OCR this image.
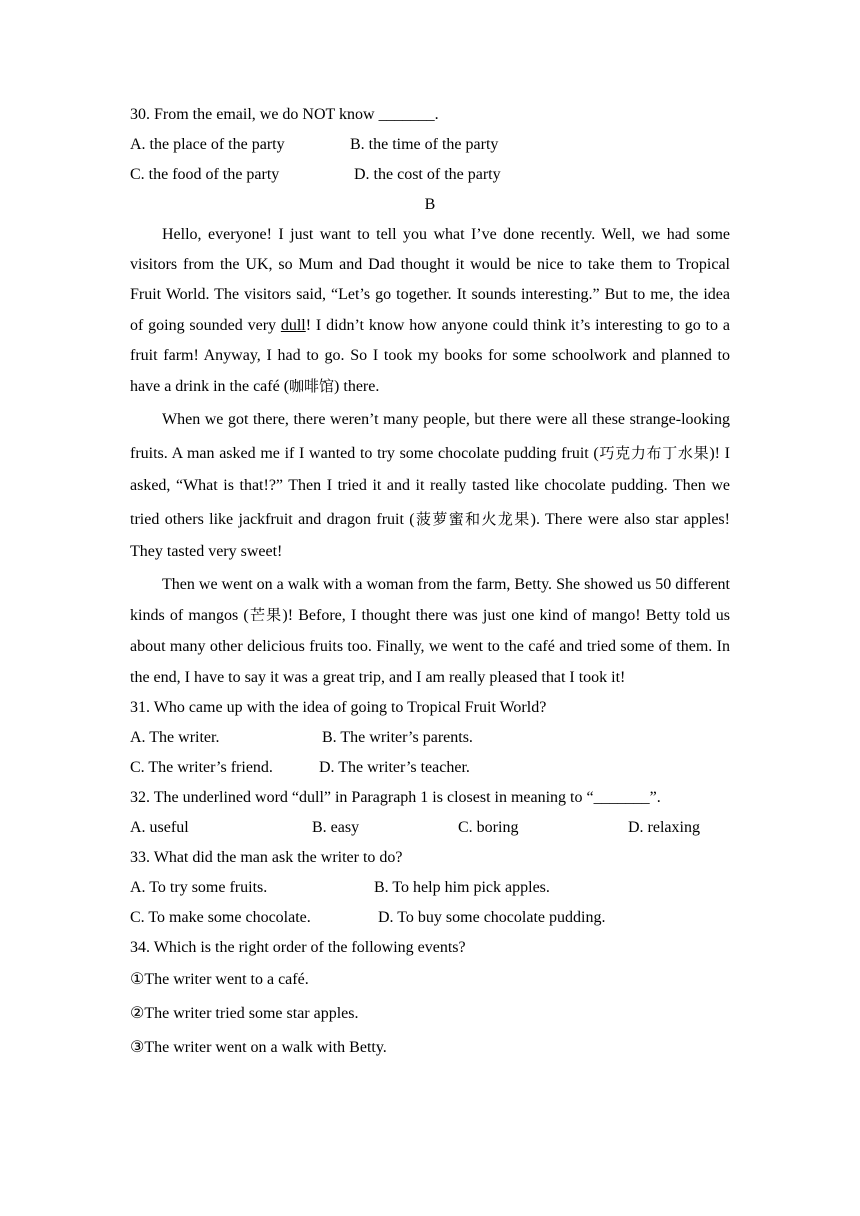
30. From the email, we do NOT know _______.
A. the place of the party	B. the time of the party
C. the food of the party	D. the cost of the party
B

Hello, everyone! I just want to tell you what I’ve done recently. Well, we had some visitors from the UK, so Mum and Dad thought it would be nice to take them to Tropical Fruit World. The visitors said, “Let’s go together. It sounds interesting.” But to me, the idea of going sounded very dull! I didn’t know how anyone could think it’s interesting to go to a fruit farm! Anyway, I had to go. So I took my books for some schoolwork and planned to have a drink in the café (咖啡馆) there.

When we got there, there weren’t many people, but there were all these strange-looking fruits. A man asked me if I wanted to try some chocolate pudding fruit (巧克力布丁水果)! I asked, “What is that!?” Then I tried it and it really tasted like chocolate pudding. Then we tried others like jackfruit and dragon fruit (菠萝蜜和火龙果). There were also star apples! They tasted very sweet!

Then we went on a walk with a woman from the farm, Betty. She showed us 50 different kinds of mangos (芒果)! Before, I thought there was just one kind of mango! Betty told us about many other delicious fruits too. Finally, we went to the café and tried some of them. In the end, I have to say it was a great trip, and I am really pleased that I took it!

31. Who came up with the idea of going to Tropical Fruit World?
A. The writer.	B. The writer’s parents.
C. The writer’s friend.	D. The writer’s teacher.
32. The underlined word “dull” in Paragraph 1 is closest in meaning to “_______”.
A. useful	B. easy	C. boring	D. relaxing
33. What did the man ask the writer to do?
A. To try some fruits.	B. To help him pick apples.
C. To make some chocolate.	D. To buy some chocolate pudding.
34. Which is the right order of the following events?
①The writer went to a café.
②The writer tried some star apples.
③The writer went on a walk with Betty.
